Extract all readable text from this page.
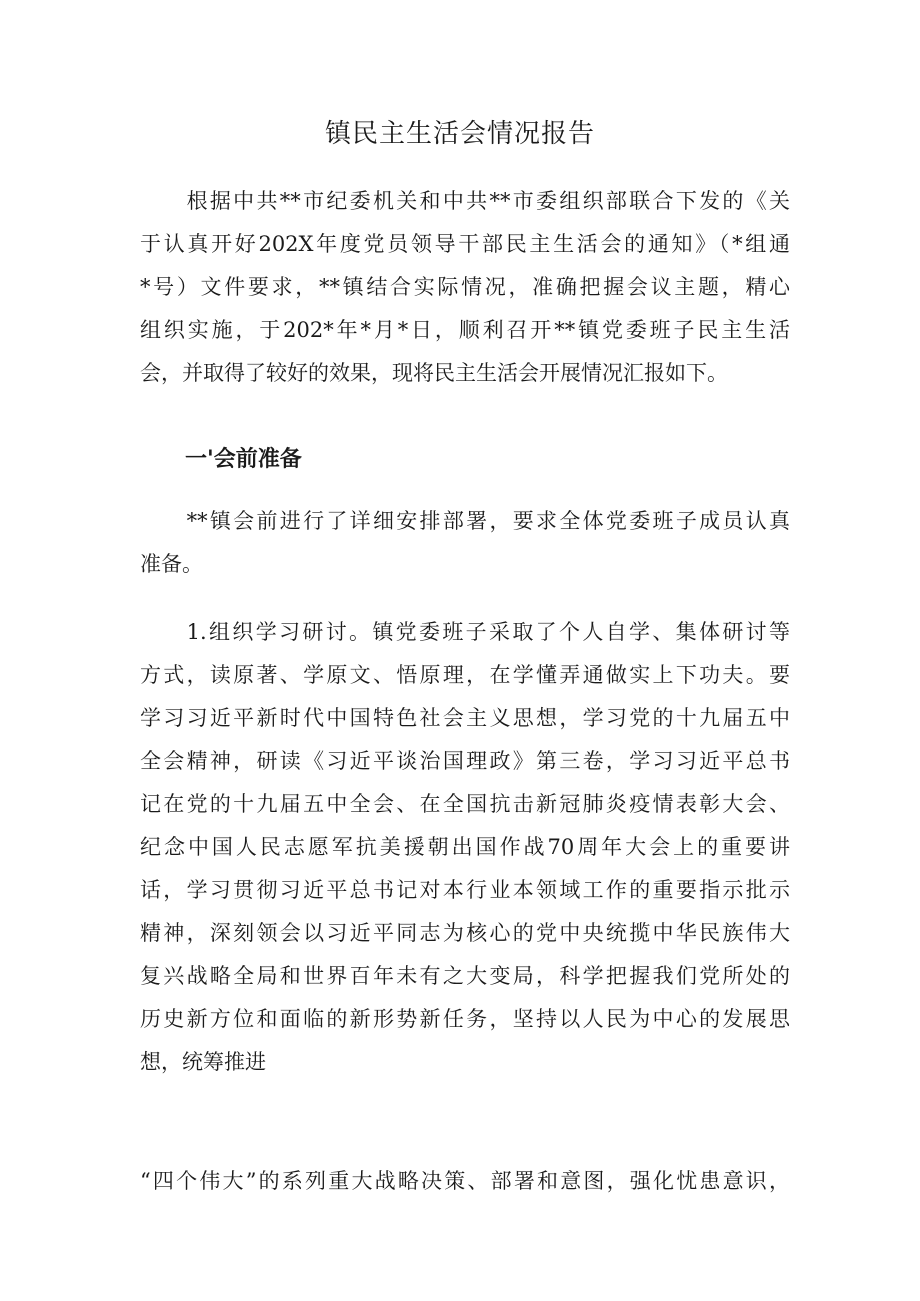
镇民主生活会情况报告
　　根据中共**市纪委机关和中共**市委组织部联合下发的《关
于认真开好202X年度党员领导干部民主生活会的通知》（*组通
*号）文件要求，**镇结合实际情况，准确把握会议主题，精心
组织实施，于202*年*月*日，顺利召开**镇党委班子民主生活
会，并取得了较好的效果，现将民主生活会开展情况汇报如下。
一'会前准备
　　**镇会前进行了详细安排部署，要求全体党委班子成员认真
准备。
　　1.组织学习研讨。镇党委班子采取了个人自学、集体研讨等
方式，读原著、学原文、悟原理，在学懂弄通做实上下功夫。要
学习习近平新时代中国特色社会主义思想，学习党的十九届五中
全会精神，研读《习近平谈治国理政》第三卷，学习习近平总书
记在党的十九届五中全会、在全国抗击新冠肺炎疫情表彰大会、
纪念中国人民志愿军抗美援朝出国作战70周年大会上的重要讲
话，学习贯彻习近平总书记对本行业本领域工作的重要指示批示
精神，深刻领会以习近平同志为核心的党中央统揽中华民族伟大
复兴战略全局和世界百年未有之大变局，科学把握我们党所处的
历史新方位和面临的新形势新任务，坚持以人民为中心的发展思
想，统筹推进
“四个伟大”的系列重大战略决策、部署和意图，强化忧患意识，
